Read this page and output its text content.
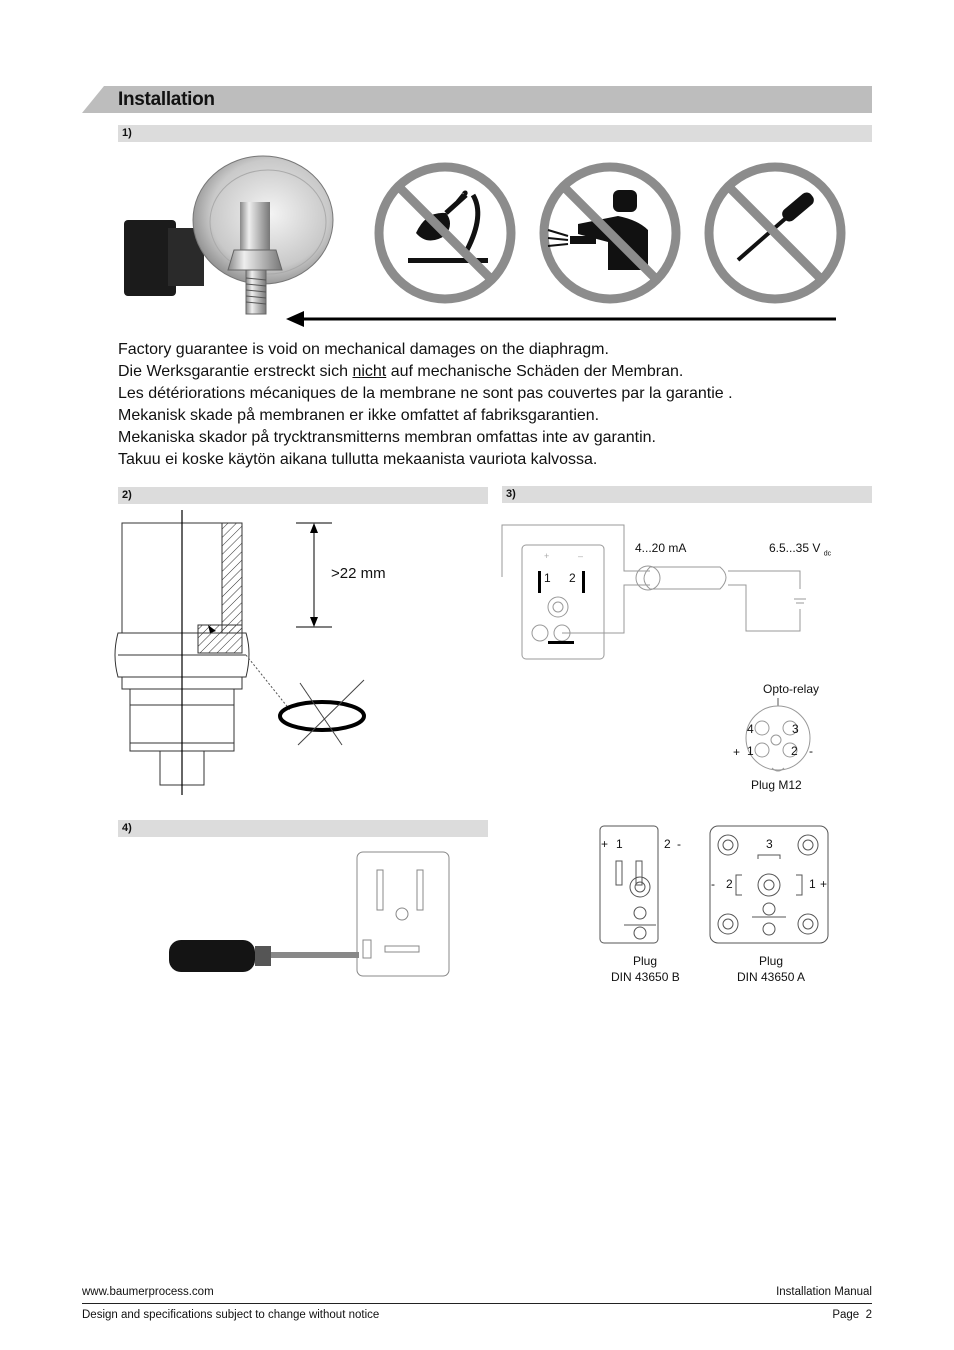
Installation
1)
Factory guarantee is void on mechanical damages on the diaphragm.
Die Werksgarantie erstreckt sich nicht auf mechanische Schäden der Membran.
Les détériorations mécaniques de la membrane ne sont pas couvertes par la garantie .
Mekanisk skade på membranen er ikke omfattet af fabriksgarantien.
Mekaniska skador på trycktransmitterns membran omfattas inte av garantin.
Takuu ei koske käytön aikana tullutta mekaanista vauriota kalvossa.
2)	3)
>22 mm
+	–
1 2
4...20 mA	6.5...35 V $_{dc}$
Opto-relay
4	3
+ 1	2 -
Plug M12
4)
+ 1	2 -
Plug
DIN 43650 B
3
- 2	1 +
Plug
DIN 43650 A
www.baumerprocess.com	Installation Manual
Design and specifications subject to change without notice	Page  2
